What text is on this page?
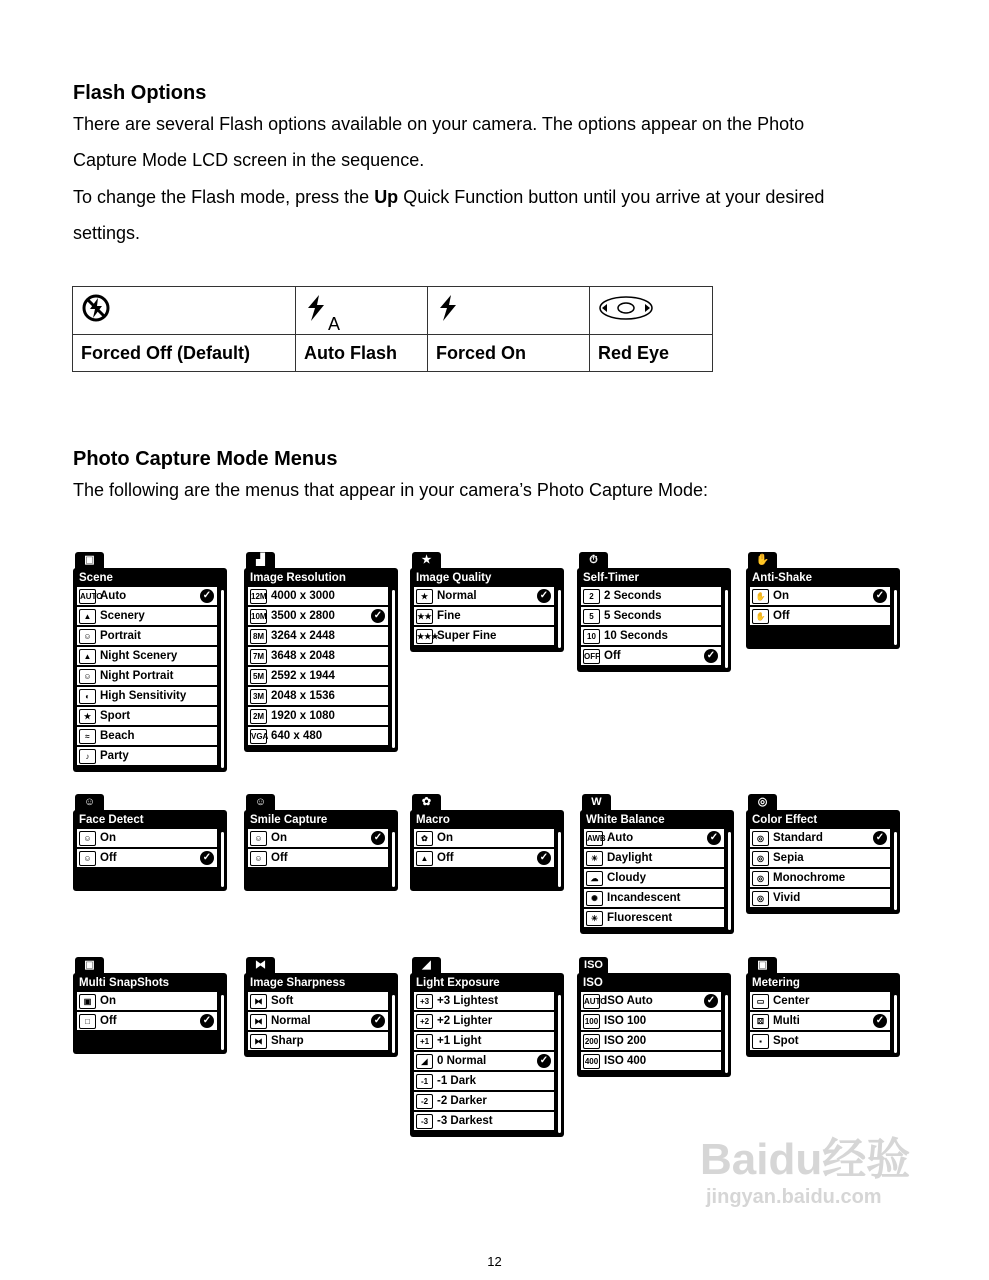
Flash Options

There are several Flash options available on your camera. The options appear on the Photo

Capture Mode LCD screen in the sequence.

To change the Flash mode, press the Up Quick Function button until you arrive at your desired

settings.

	A		
Forced Off (Default)	Auto Flash	Forced On	Red Eye
Photo Capture Mode Menus

The following are the menus that appear in your camera’s Photo Capture Mode:

▣
Scene
AUTO
Auto	✓
▲ Scenery
☺ Portrait
▲ Night Scenery
☺ Night Portrait
◐ High Sensitivity
★ Sport
≈ Beach
♪ Party
▟
Image Resolution
12M 4000 x 3000
10M 3500 x 2800	✓
8M 3264 x 2448
7M 3648 x 2048
5M 2592 x 1944
3M 2048 x 1536
2M 1920 x 1080
VGA 640 x 480
★
Image Quality
★ Normal	✓
★★ Fine
★★★
Super Fine
⏱
Self-Timer
2 2 Seconds
5 5 Seconds
10 10 Seconds
OFF Off	✓
✋
Anti-Shake
✋ On	✓
✋ Off
☺
Face Detect
☺ On
☺ Off	✓
☺
Smile Capture
☺ On	✓
☺ Off
✿
Macro
✿ On
▲ Off	✓
W
White Balance
AWB Auto	✓
☀ Daylight
☁ Cloudy
✺ Incandescent
✳ Fluorescent
◎
Color Effect
◎ Standard	✓
◎ Sepia
◎ Monochrome
◎ Vivid
▣
Multi SnapShots
▣ On
□ Off	✓
⧓
Image Sharpness
⧓ Soft
⧓ Normal	✓
⧓ Sharp
◢
Light Exposure
+3 +3 Lightest
+2 +2 Lighter
+1 +1 Light
◢ 0 Normal	✓
-1 -1 Dark
-2 -2 Darker
-3 -3 Darkest
ISO
ISO
AUTO
ISO Auto	✓
100 ISO 100
200 ISO 200
400 ISO 400
▣
Metering
▭ Center
⚄ Multi	✓
▪ Spot
12
Baidu经验
jingyan.baidu.com
